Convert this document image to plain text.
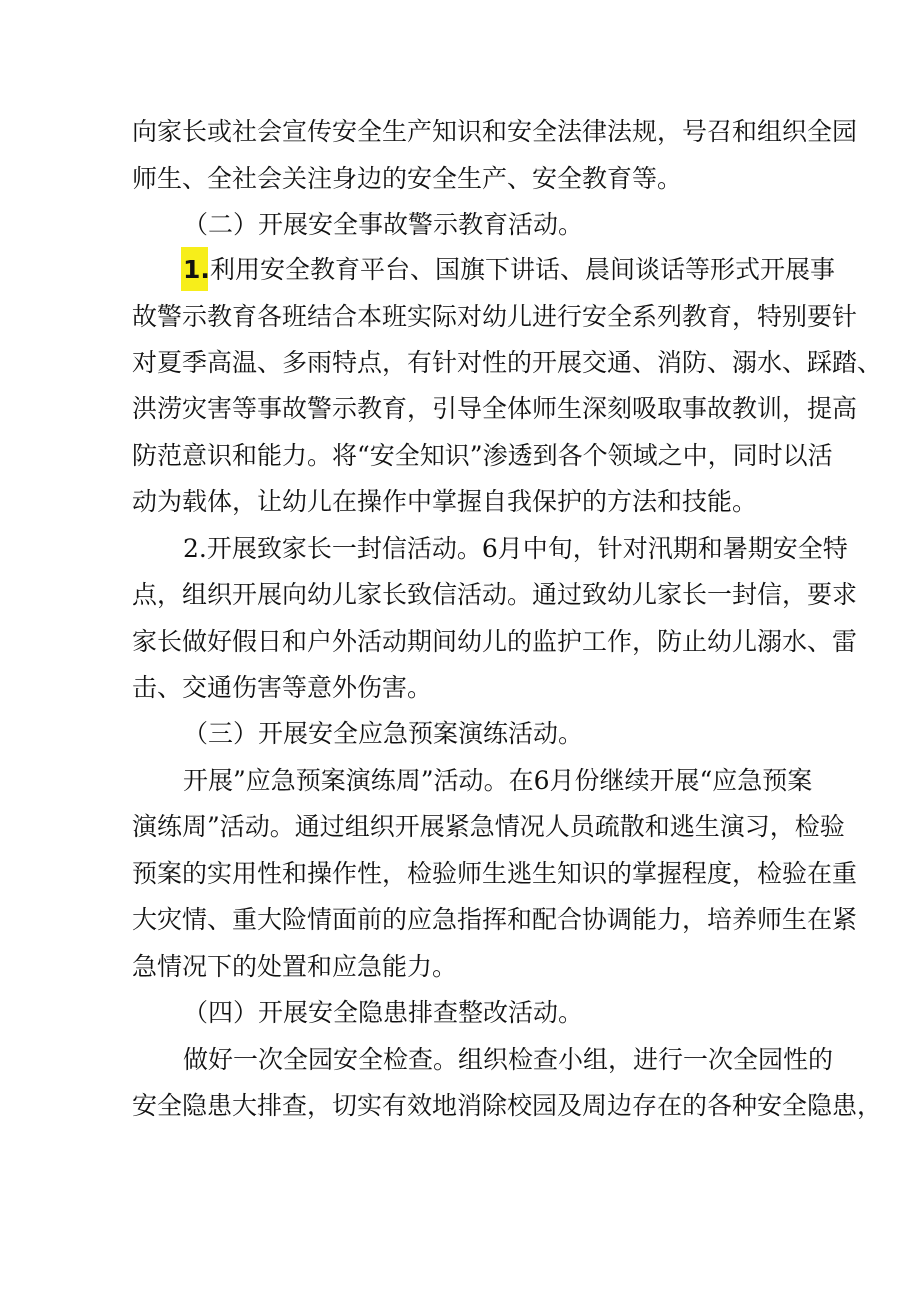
向家长或社会宣传安全生产知识和安全法律法规，号召和组织全园
师生、全社会关注身边的安全生产、安全教育等。
（二）开展安全事故警示教育活动。
1. 利用安全教育平台、国旗下讲话、晨间谈话等形式开展事
故警示教育各班结合本班实际对幼儿进行安全系列教育，特别要针
对夏季高温、多雨特点，有针对性的开展交通、消防、溺水、踩踏、
洪涝灾害等事故警示教育，引导全体师生深刻吸取事故教训，提高
防范意识和能力。将“安全知识”渗透到各个领域之中，同时以活
动为载体，让幼儿在操作中掌握自我保护的方法和技能。
2.开展致家长一封信活动。6月中旬，针对汛期和暑期安全特
点，组织开展向幼儿家长致信活动。通过致幼儿家长一封信，要求
家长做好假日和户外活动期间幼儿的监护工作，防止幼儿溺水、雷
击、交通伤害等意外伤害。
（三）开展安全应急预案演练活动。
开展”应急预案演练周”活动。在6月份继续开展“应急预案
演练周”活动。通过组织开展紧急情况人员疏散和逃生演习，检验
预案的实用性和操作性，检验师生逃生知识的掌握程度，检验在重
大灾情、重大险情面前的应急指挥和配合协调能力，培养师生在紧
急情况下的处置和应急能力。
（四）开展安全隐患排查整改活动。
做好一次全园安全检查。组织检查小组，进行一次全园性的
安全隐患大排查，切实有效地消除校园及周边存在的各种安全隐患，
